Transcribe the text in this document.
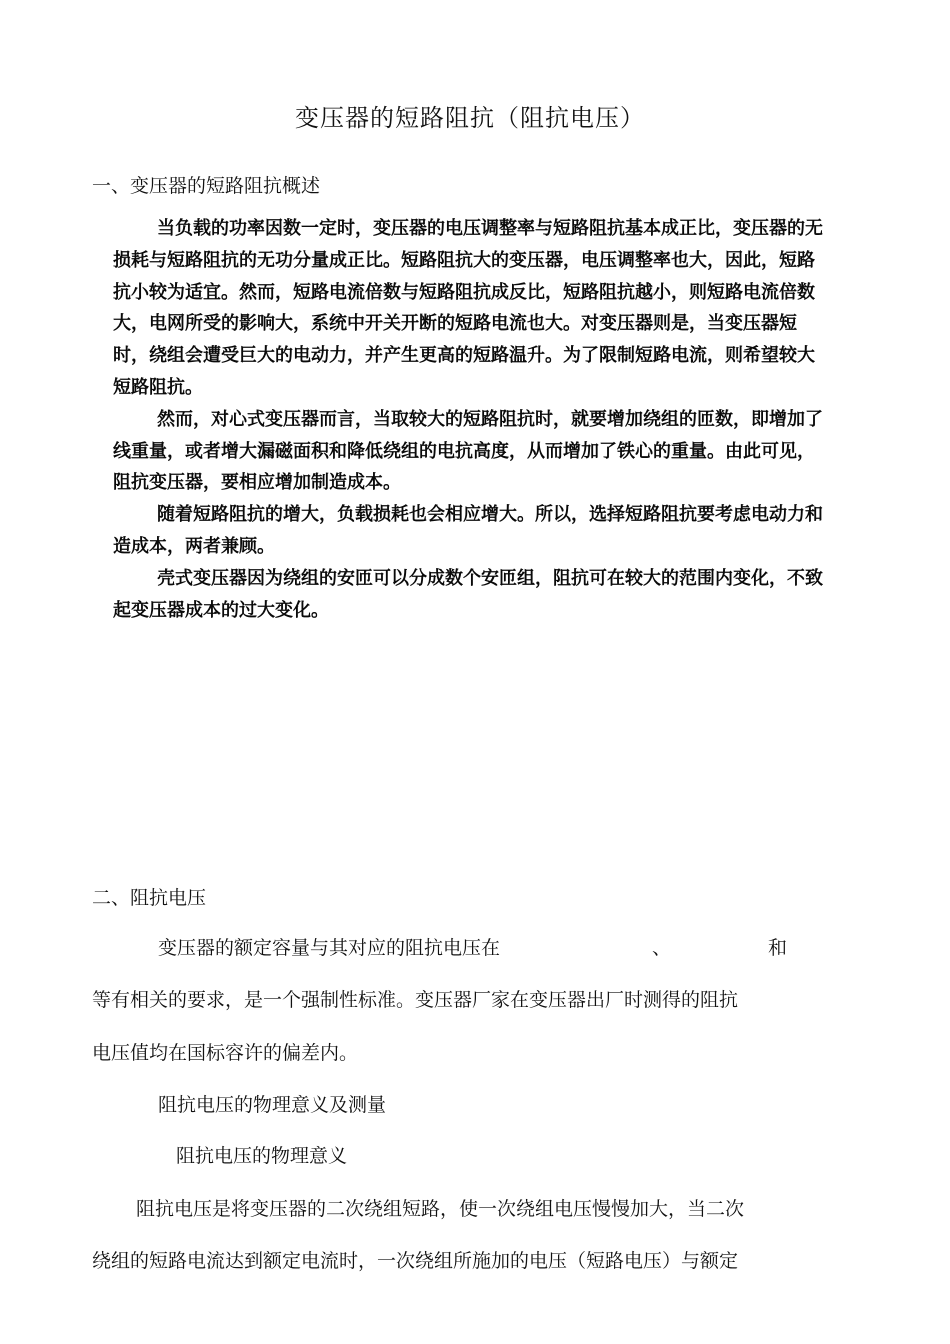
变压器的短路阻抗（阻抗电压）
一、变压器的短路阻抗概述
当负载的功率因数一定时，变压器的电压调整率与短路阻抗基本成正比，变压器的无
损耗与短路阻抗的无功分量成正比。短路阻抗大的变压器，电压调整率也大，因此，短路
抗小较为适宜。然而，短路电流倍数与短路阻抗成反比，短路阻抗越小，则短路电流倍数
大，电网所受的影响大，系统中开关开断的短路电流也大。对变压器则是，当变压器短
时，绕组会遭受巨大的电动力，并产生更高的短路温升。为了限制短路电流，则希望较大
短路阻抗。
然而，对心式变压器而言，当取较大的短路阻抗时，就要增加绕组的匝数，即增加了
线重量，或者增大漏磁面积和降低绕组的电抗高度，从而增加了铁心的重量。由此可见，
阻抗变压器，要相应增加制造成本。
随着短路阻抗的增大，负载损耗也会相应增大。所以，选择短路阻抗要考虑电动力和
造成本，两者兼顾。
壳式变压器因为绕组的安匝可以分成数个安匝组，阻抗可在较大的范围内变化，不致
起变压器成本的过大变化。
二、阻抗电压
变压器的额定容量与其对应的阻抗电压在	、	和
等有相关的要求，是一个强制性标准。变压器厂家在变压器出厂时测得的阻抗
电压值均在国标容许的偏差内。
阻抗电压的物理意义及测量
阻抗电压的物理意义
阻抗电压是将变压器的二次绕组短路，使一次绕组电压慢慢加大，当二次
绕组的短路电流达到额定电流时，一次绕组所施加的电压（短路电压）与额定
